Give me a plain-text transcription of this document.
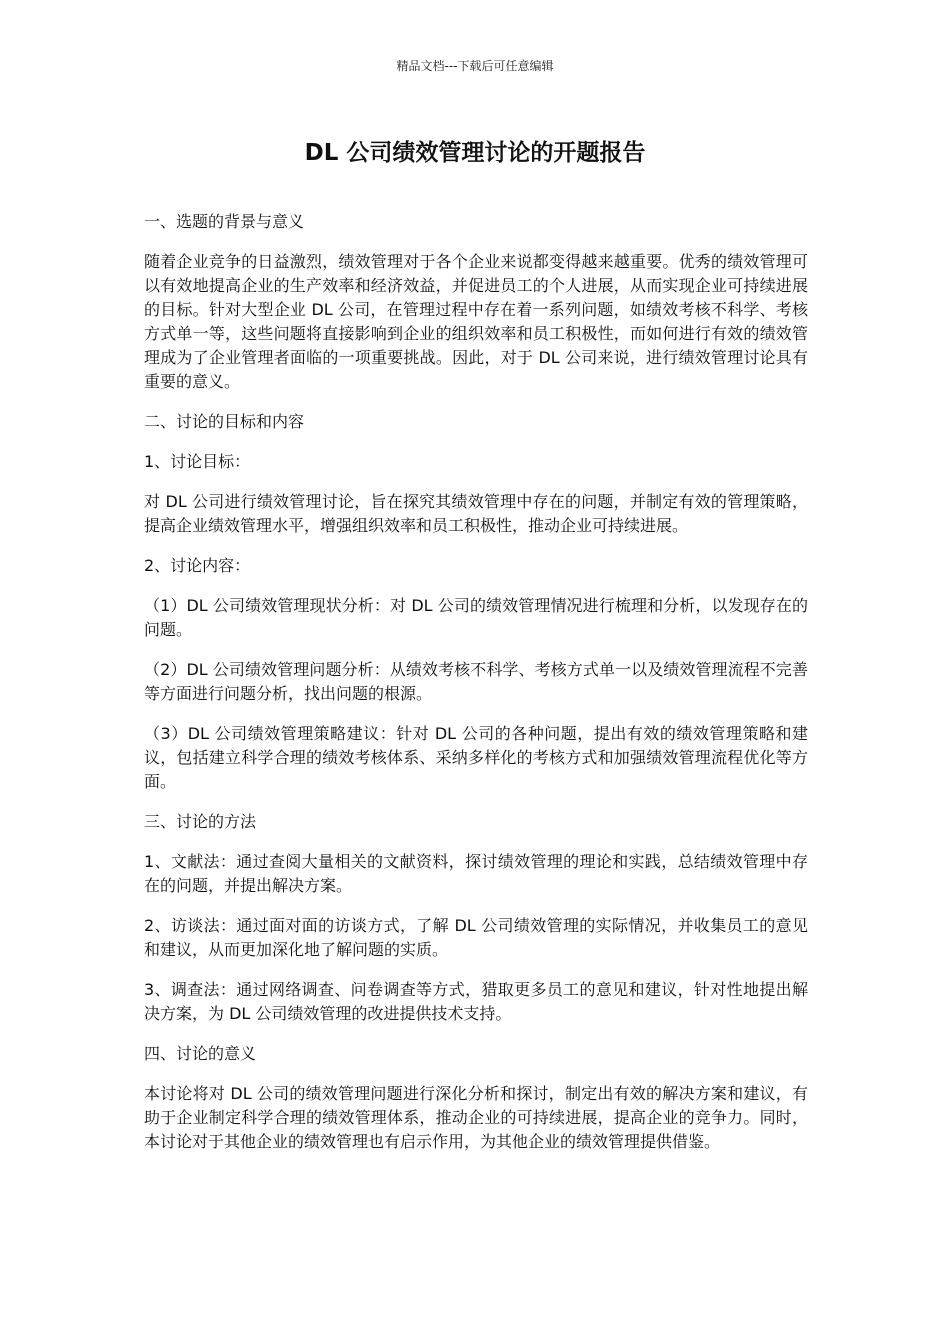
精品文档---下载后可任意编辑
DL 公司绩效管理讨论的开题报告

一、选题的背景与意义

随着企业竞争的日益激烈，绩效管理对于各个企业来说都变得越来越重要。优秀的绩效管理可以有效地提高企业的生产效率和经济效益，并促进员工的个人进展，从而实现企业可持续进展的目标。针对大型企业 DL 公司，在管理过程中存在着一系列问题，如绩效考核不科学、考核方式单一等，这些问题将直接影响到企业的组织效率和员工积极性，而如何进行有效的绩效管理成为了企业管理者面临的一项重要挑战。因此，对于 DL 公司来说，进行绩效管理讨论具有重要的意义。

二、讨论的目标和内容

1、讨论目标：

对 DL 公司进行绩效管理讨论，旨在探究其绩效管理中存在的问题，并制定有效的管理策略，提高企业绩效管理水平，增强组织效率和员工积极性，推动企业可持续进展。

2、讨论内容：

（1）DL 公司绩效管理现状分析：对 DL 公司的绩效管理情况进行梳理和分析，以发现存在的问题。

（2）DL 公司绩效管理问题分析：从绩效考核不科学、考核方式单一以及绩效管理流程不完善等方面进行问题分析，找出问题的根源。

（3）DL 公司绩效管理策略建议：针对 DL 公司的各种问题，提出有效的绩效管理策略和建议，包括建立科学合理的绩效考核体系、采纳多样化的考核方式和加强绩效管理流程优化等方面。

三、讨论的方法

1、文献法：通过查阅大量相关的文献资料，探讨绩效管理的理论和实践，总结绩效管理中存在的问题，并提出解决方案。

2、访谈法：通过面对面的访谈方式，了解 DL 公司绩效管理的实际情况，并收集员工的意见和建议，从而更加深化地了解问题的实质。

3、调查法：通过网络调查、问卷调查等方式，猎取更多员工的意见和建议，针对性地提出解决方案，为 DL 公司绩效管理的改进提供技术支持。

四、讨论的意义

本讨论将对 DL 公司的绩效管理问题进行深化分析和探讨，制定出有效的解决方案和建议，有助于企业制定科学合理的绩效管理体系，推动企业的可持续进展，提高企业的竞争力。同时，本讨论对于其他企业的绩效管理也有启示作用，为其他企业的绩效管理提供借鉴。
